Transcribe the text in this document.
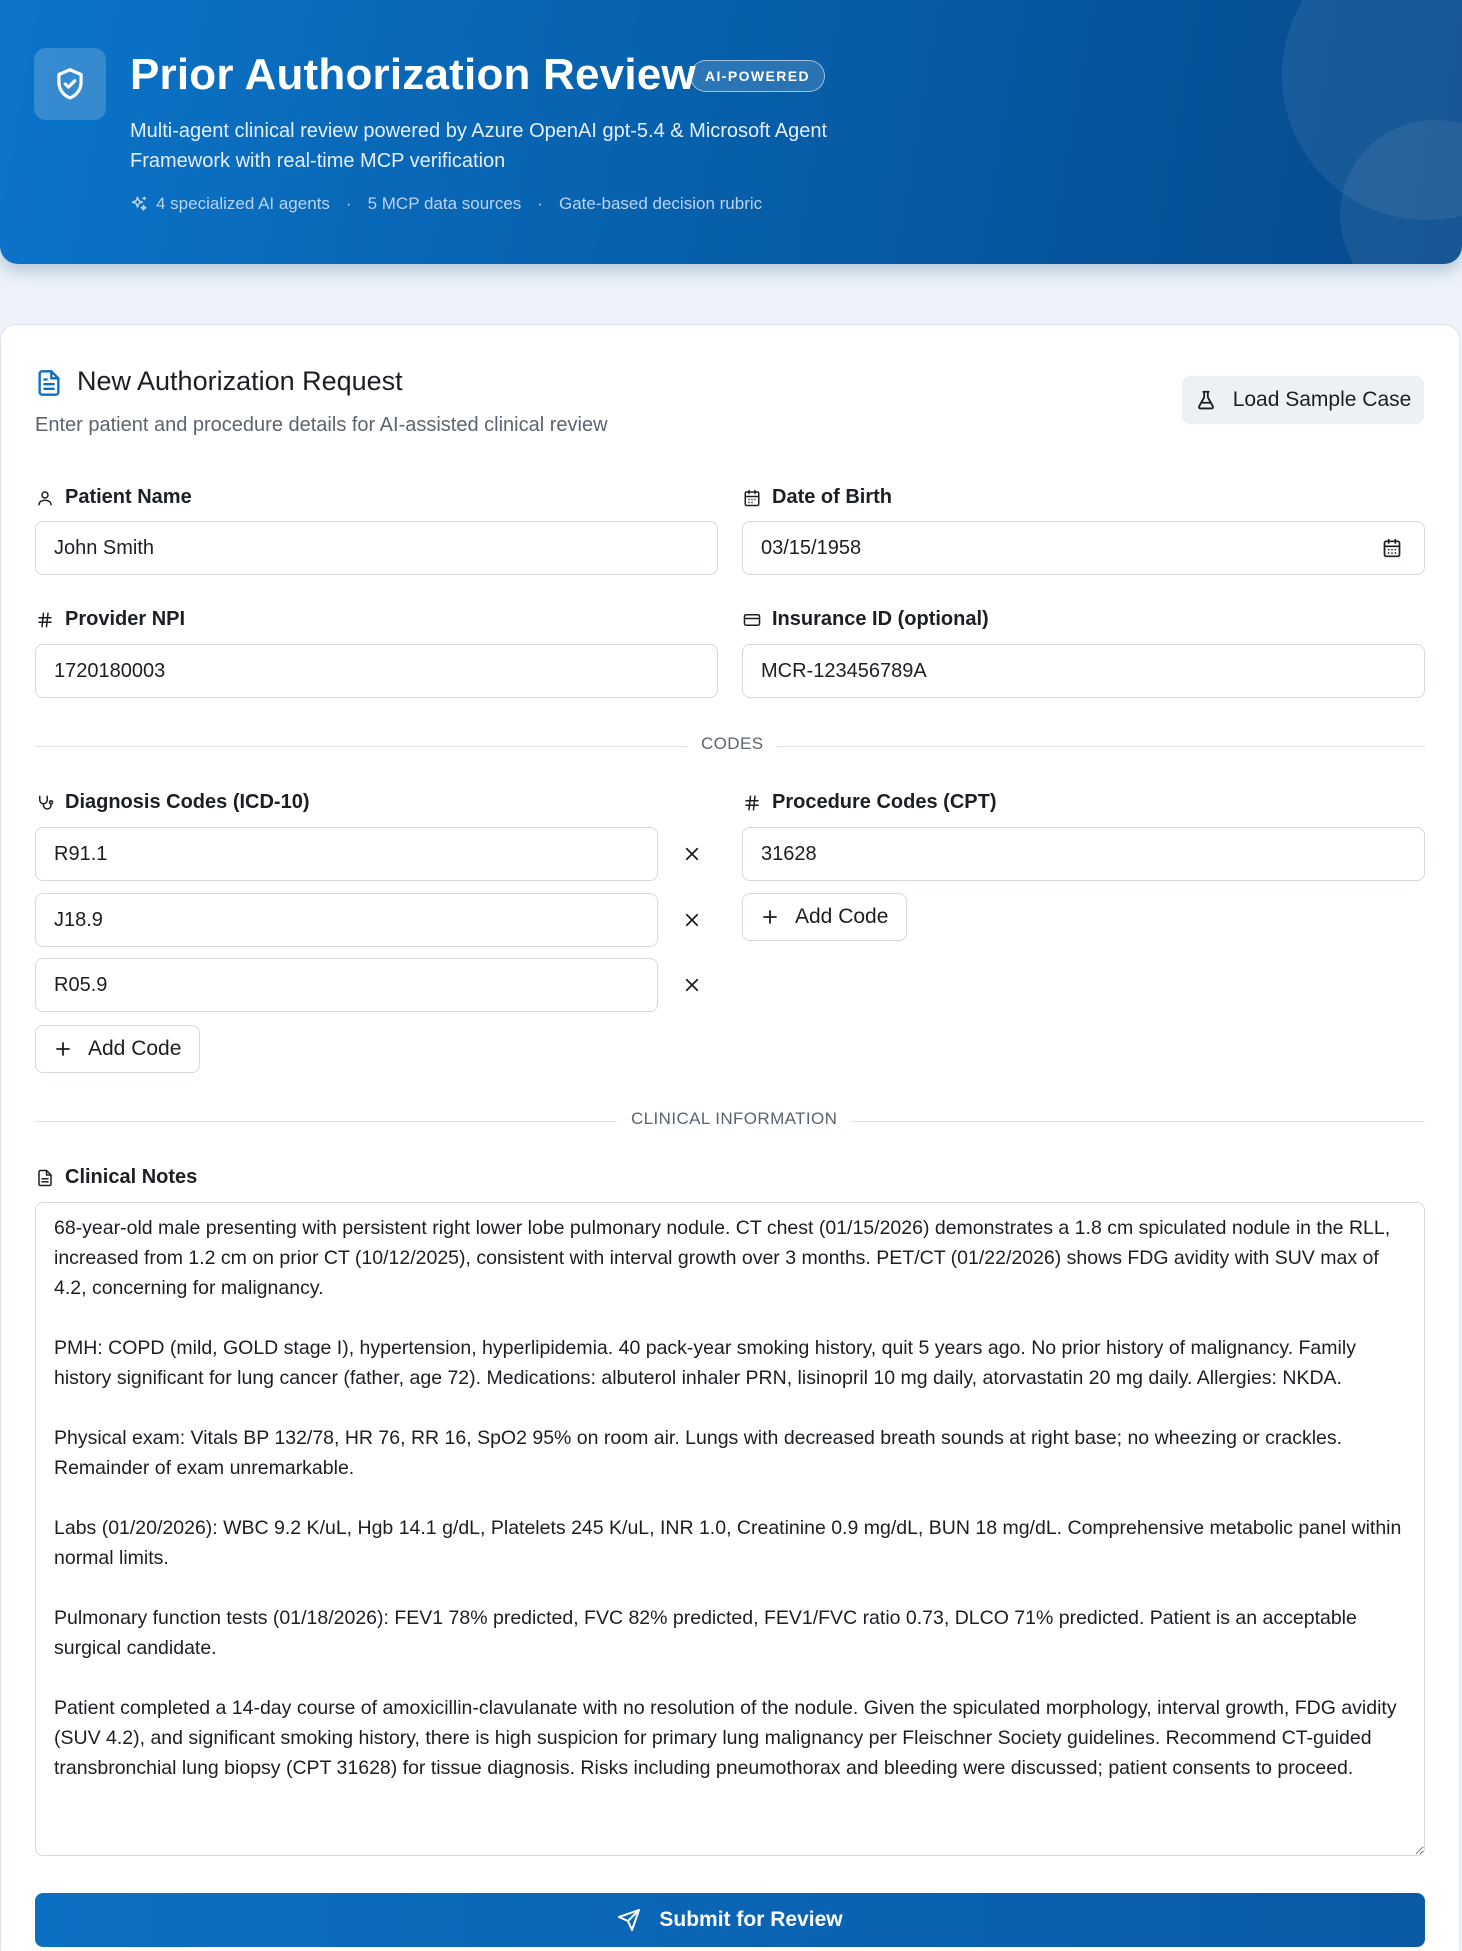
Prior Authorization Review AI-POWERED
Multi-agent clinical review powered by Azure OpenAI gpt-5.4 & Microsoft Agent
Framework with real-time MCP verification
4 specialized AI agents · 5 MCP data sources · Gate-based decision rubric
New Authorization Request
Enter patient and procedure details for AI-assisted clinical review
Load Sample Case
Patient Name
John Smith	Date of Birth
03/15/1958
Provider NPI
1720180003	Insurance ID (optional)
MCR-123456789A
CODES
Diagnosis Codes (ICD-10)
R91.1
J18.9
R05.9
Add Code
Procedure Codes (CPT)
31628
Add Code
CLINICAL INFORMATION
Clinical Notes
68-year-old male presenting with persistent right lower lobe pulmonary nodule. CT chest (01/15/2026) demonstrates a 1.8 cm spiculated nodule in the RLL, increased from 1.2 cm on prior CT (10/12/2025), consistent with interval growth over 3 months. PET/CT (01/22/2026) shows FDG avidity with SUV max of 4.2, concerning for malignancy. PMH: COPD (mild, GOLD stage I), hypertension, hyperlipidemia. 40 pack-year smoking history, quit 5 years ago. No prior history of malignancy. Family history significant for lung cancer (father, age 72). Medications: albuterol inhaler PRN, lisinopril 10 mg daily, atorvastatin 20 mg daily. Allergies: NKDA. Physical exam: Vitals BP 132/78, HR 76, RR 16, SpO2 95% on room air. Lungs with decreased breath sounds at right base; no wheezing or crackles. Remainder of exam unremarkable. Labs (01/20/2026): WBC 9.2 K/uL, Hgb 14.1 g/dL, Platelets 245 K/uL, INR 1.0, Creatinine 0.9 mg/dL, BUN 18 mg/dL. Comprehensive metabolic panel within normal limits. Pulmonary function tests (01/18/2026): FEV1 78% predicted, FVC 82% predicted, FEV1/FVC ratio 0.73, DLCO 71% predicted. Patient is an acceptable surgical candidate. Patient completed a 14-day course of amoxicillin-clavulanate with no resolution of the nodule. Given the spiculated morphology, interval growth, FDG avidity (SUV 4.2), and significant smoking history, there is high suspicion for primary lung malignancy per Fleischner Society guidelines. Recommend CT-guided transbronchial lung biopsy (CPT 31628) for tissue diagnosis. Risks including pneumothorax and bleeding were discussed; patient consents to proceed.
Submit for Review
